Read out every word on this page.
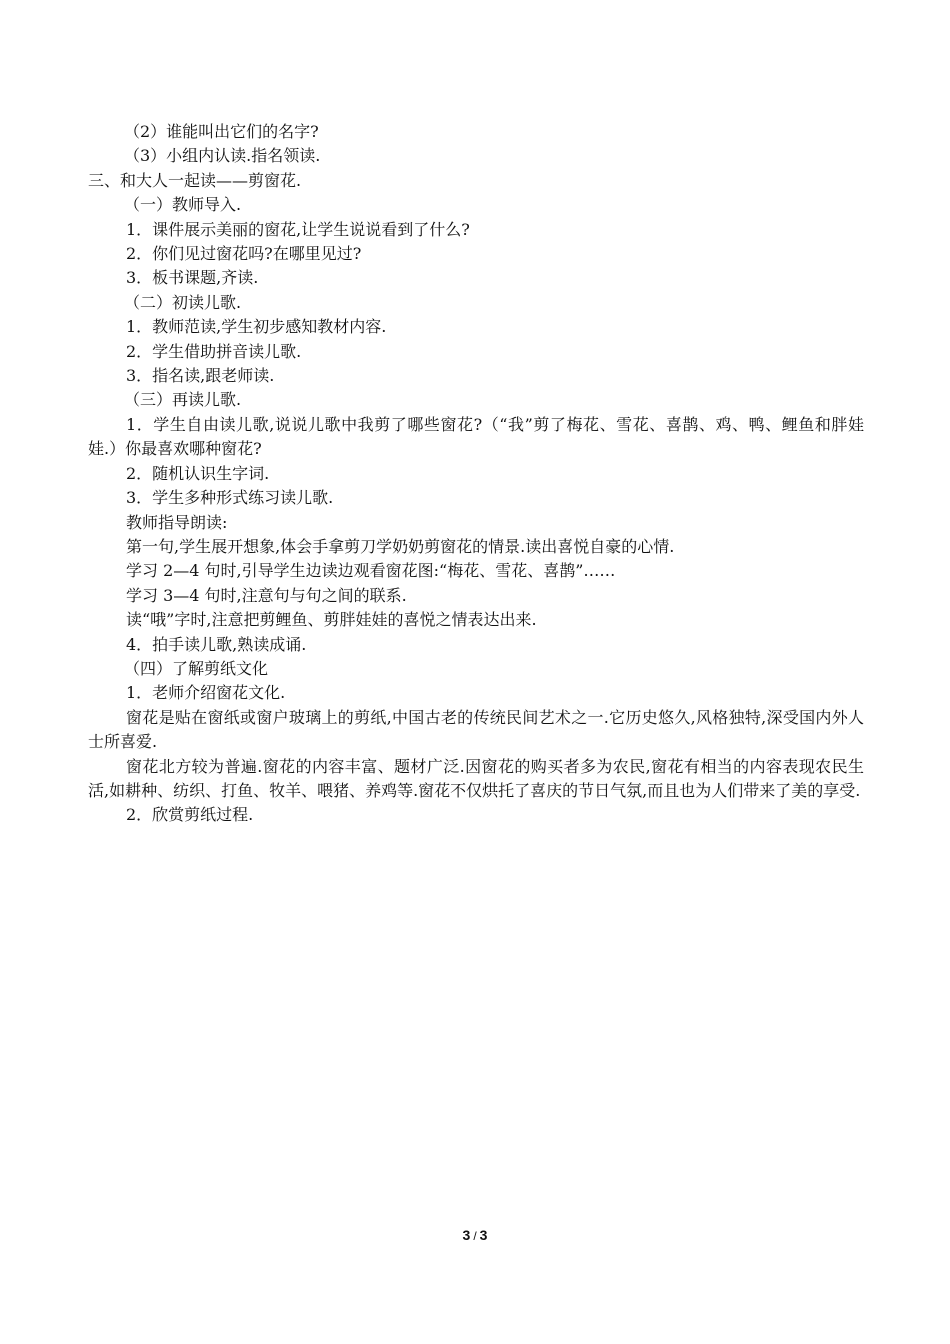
（2）谁能叫出它们的名字?

（3）小组内认读.指名领读.

三、和大人一起读——剪窗花.

（一）教师导入.

1．课件展示美丽的窗花,让学生说说看到了什么?

2．你们见过窗花吗?在哪里见过?

3．板书课题,齐读.

（二）初读儿歌.

1．教师范读,学生初步感知教材内容.

2．学生借助拼音读儿歌.

3．指名读,跟老师读.

（三）再读儿歌.

1．学生自由读儿歌,说说儿歌中我剪了哪些窗花?（“我”剪了梅花、雪花、喜鹊、鸡、鸭、鲤鱼和胖娃娃.）你最喜欢哪种窗花?

2．随机认识生字词.

3．学生多种形式练习读儿歌.

教师指导朗读:

第一句,学生展开想象,体会手拿剪刀学奶奶剪窗花的情景.读出喜悦自豪的心情.

学习 2—4 句时,引导学生边读边观看窗花图:“梅花、雪花、喜鹊”……

学习 3—4 句时,注意句与句之间的联系.

读“哦”字时,注意把剪鲤鱼、剪胖娃娃的喜悦之情表达出来.

4．拍手读儿歌,熟读成诵.

（四）了解剪纸文化

1．老师介绍窗花文化.

窗花是贴在窗纸或窗户玻璃上的剪纸,中国古老的传统民间艺术之一.它历史悠久,风格独特,深受国内外人士所喜爱.

窗花北方较为普遍.窗花的内容丰富、题材广泛.因窗花的购买者多为农民,窗花有相当的内容表现农民生活,如耕种、纺织、打鱼、牧羊、喂猪、养鸡等.窗花不仅烘托了喜庆的节日气氛,而且也为人们带来了美的享受.

2．欣赏剪纸过程.

3 / 3
